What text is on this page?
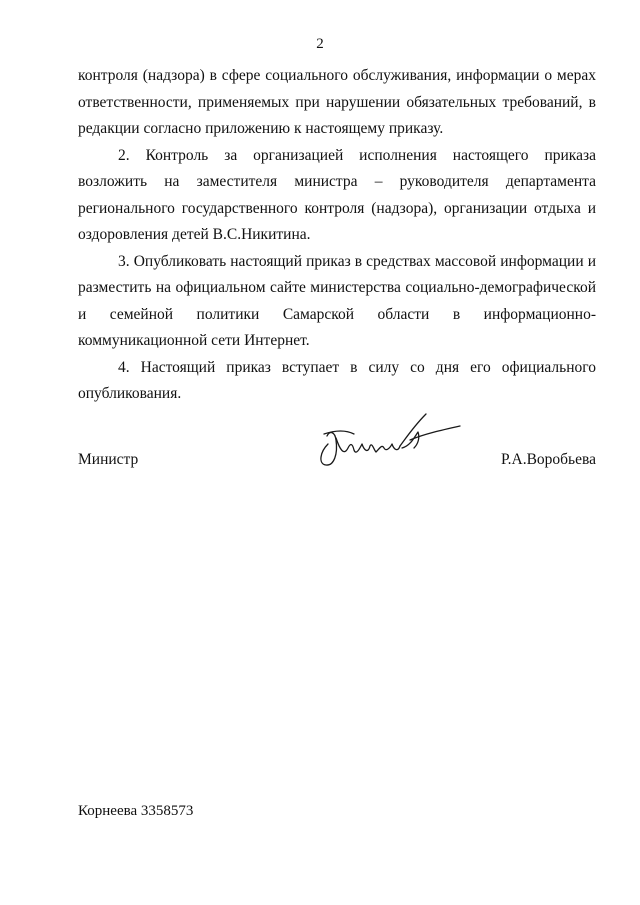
2

контроля (надзора) в сфере социального обслуживания, информации о мерах ответственности, применяемых при нарушении обязательных требований, в редакции согласно приложению к настоящему приказу.

2. Контроль за организацией исполнения настоящего приказа возложить на заместителя министра – руководителя департамента регионального государственного контроля (надзора), организации отдыха и оздоровления детей В.С.Никитина.

3. Опубликовать настоящий приказ в средствах массовой информации и разместить на официальном сайте министерства социально-демографической и семейной политики Самарской области в информационно-коммуникационной сети Интернет.

4. Настоящий приказ вступает в силу со дня его официального опубликования.

Министр	Р.А.Воробьева
Корнеева 3358573
